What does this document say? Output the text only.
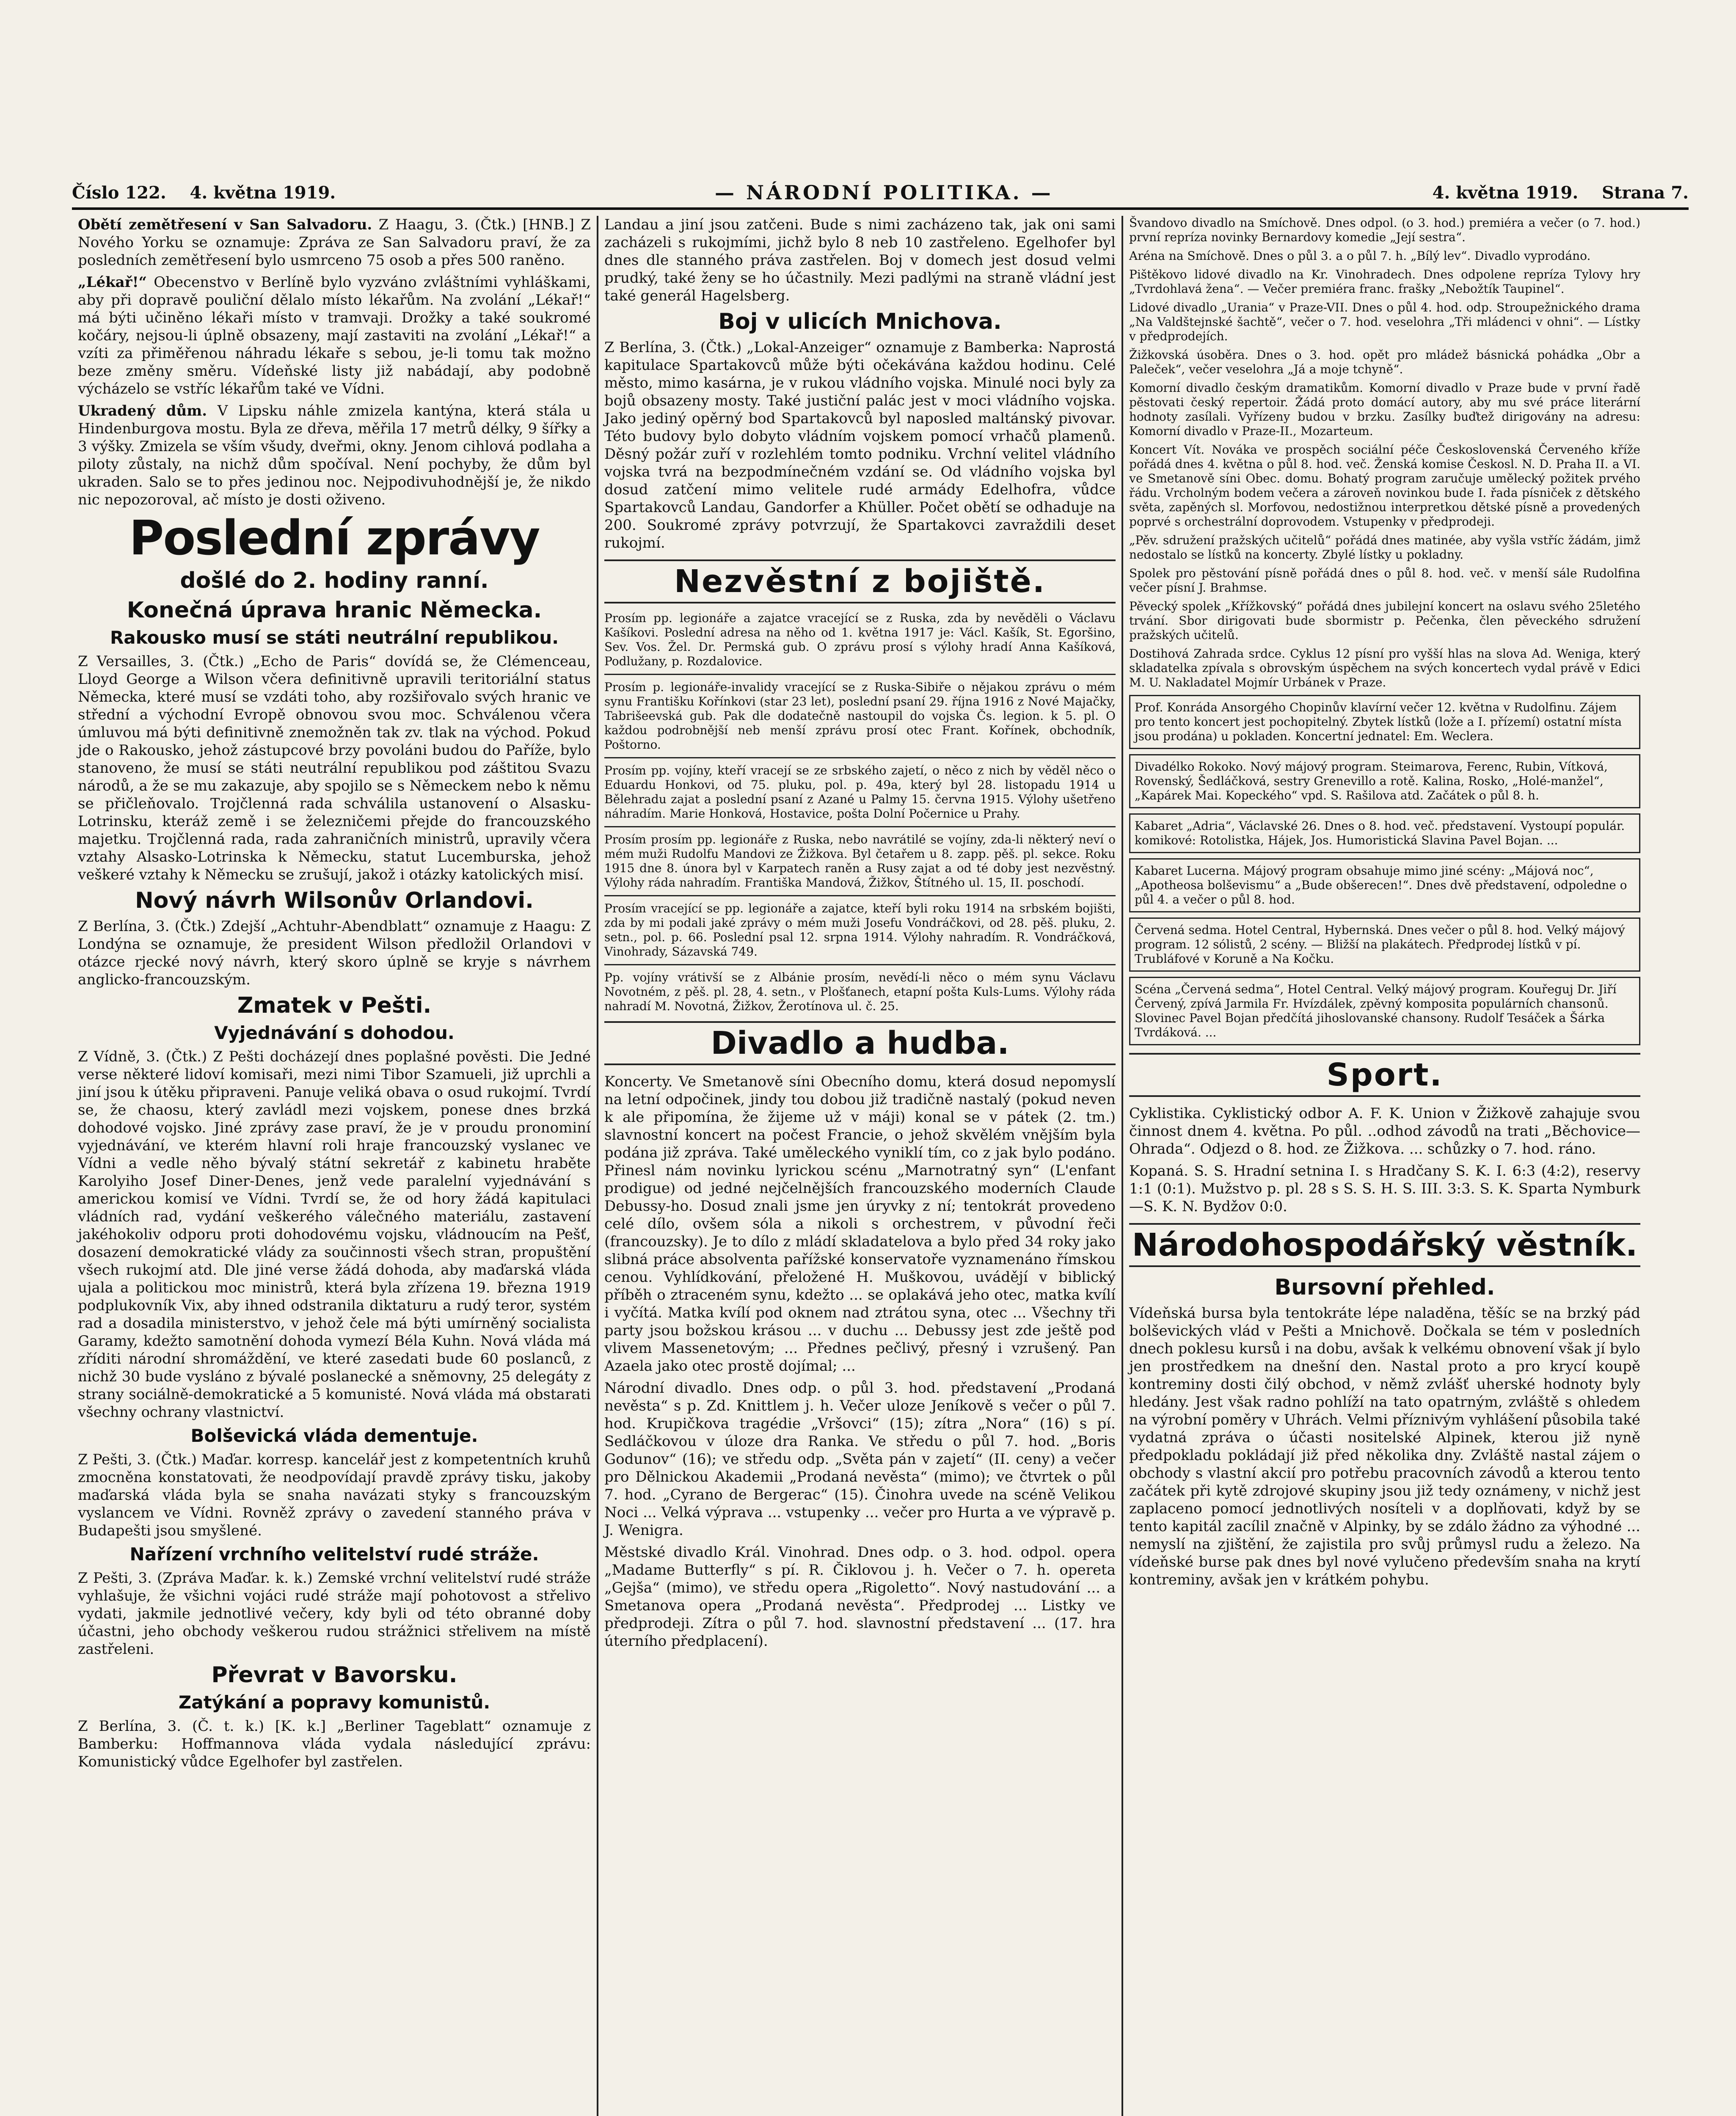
Číslo 122. 4. května 1919.	— NÁRODNÍ POLITIKA. —	4. května 1919. Strana 7.

Obětí zemětřesení v San Salvadoru. Z Haagu, 3. (Čtk.) [HNB.] Z Nového Yorku se oznamuje: Zpráva ze San Salvadoru praví, že za posledních zemětřesení bylo usmrceno 75 osob a přes 500 raněno.

„Lékař!“ Obecenstvo v Berlíně bylo vyzváno zvláštními vyhláškami, aby při dopravě pouliční dělalo místo lékařům. Na zvolání „Lékař!“ má býti učiněno lékaři místo v tramvaji. Drožky a také soukromé kočáry, nejsou-li úplně obsazeny, mají zastaviti na zvolání „Lékař!“ a vzíti za přiměřenou náhradu lékaře s sebou, je-li tomu tak možno beze změny směru. Vídeňské listy již nabádají, aby podobně výcházelo se vstříc lékařům také ve Vídni.

Ukradený dům. V Lipsku náhle zmizela kantýna, která stála u Hindenburgova mostu. Byla ze dřeva, měřila 17 metrů délky, 9 šířky a 3 výšky. Zmizela se vším všudy, dveřmi, okny. Jenom cihlová podlaha a piloty zůstaly, na nichž dům spočíval. Není pochyby, že dům byl ukraden. Salo se to přes jedinou noc. Nejpodivuhodnější je, že nikdo nic nepozoroval, ač místo je dosti oživeno.

Poslední zprávy
došlé do 2. hodiny ranní.
Konečná úprava hranic Německa.
Rakousko musí se státi neutrální republikou.

Z Versailles, 3. (Čtk.) „Echo de Paris“ dovídá se, že Clémenceau, Lloyd George a Wilson včera definitivně upravili teritoriální status Německa, které musí se vzdáti toho, aby rozšiřovalo svých hranic ve střední a východní Evropě obnovou svou moc. Schválenou včera úmluvou má býti definitivně znemožněn tak zv. tlak na východ. Pokud jde o Rakousko, jehož zástupcové brzy povoláni budou do Paříže, bylo stanoveno, že musí se státi neutrální republikou pod záštitou Svazu národů, a že se mu zakazuje, aby spojilo se s Německem nebo k němu se přičleňovalo. Trojčlenná rada schválila ustanovení o Alsasku-Lotrinsku, kteráž země i se železničemi přejde do francouzského majetku. Trojčlenná rada, rada zahraničních ministrů, upravily včera vztahy Alsasko-Lotrinska k Německu, statut Lucemburska, jehož veškeré vztahy k Německu se zrušují, jakož i otázky katolických misí.

Nový návrh Wilsonův Orlandovi.

Z Berlína, 3. (Čtk.) Zdejší „Achtuhr-Abendblatt“ oznamuje z Haagu: Z Londýna se oznamuje, že president Wilson předložil Orlandovi v otázce rjecké nový návrh, který skoro úplně se kryje s návrhem anglicko-francouzským.

Zmatek v Pešti.
Vyjednávání s dohodou.

Z Vídně, 3. (Čtk.) Z Pešti docházejí dnes poplašné pověsti. Die Jedné verse některé lidoví komisaři, mezi nimi Tibor Szamueli, již uprchli a jiní jsou k útěku připraveni. Panuje veliká obava o osud rukojmí. Tvrdí se, že chaosu, který zavládl mezi vojskem, ponese dnes brzká dohodové vojsko. Jiné zprávy zase praví, že je v proudu pronominí vyjednávání, ve kterém hlavní roli hraje francouzský vyslanec ve Vídni a vedle něho bývalý státní sekretář z kabinetu hraběte Karolyiho Josef Diner-Denes, jenž vede paralelní vyjednávání s americkou komisí ve Vídni. Tvrdí se, že od hory žádá kapitulaci vládních rad, vydání veškerého válečného materiálu, zastavení jakéhokoliv odporu proti dohodovému vojsku, vládnoucím na Pešť, dosazení demokratické vlády za součinnosti všech stran, propuštění všech rukojmí atd. Dle jiné verse žádá dohoda, aby maďarská vláda ujala a politickou moc ministrů, která byla zřízena 19. března 1919 podplukovník Vix, aby ihned odstranila diktaturu a rudý teror, systém rad a dosadila ministerstvo, v jehož čele má býti umírněný socialista Garamy, kdežto samotnění dohoda vymezí Béla Kuhn. Nová vláda má zříditi národní shromáždění, ve které zasedati bude 60 poslanců, z nichž 30 bude vysláno z bývalé poslanecké a sněmovny, 25 delegáty z strany sociálně-demokratické a 5 komunisté. Nová vláda má obstarati všechny ochrany vlastnictví.

Bolševická vláda dementuje.

Z Pešti, 3. (Čtk.) Maďar. korresp. kancelář jest z kompetentních kruhů zmocněna konstatovati, že neodpovídají pravdě zprávy tisku, jakoby maďarská vláda byla se snaha navázati styky s francouzským vyslancem ve Vídni. Rovněž zprávy o zavedení stanného práva v Budapešti jsou smyšlené.

Nařízení vrchního velitelství rudé stráže.

Z Pešti, 3. (Zpráva Maďar. k. k.) Zemské vrchní velitelství rudé stráže vyhlašuje, že všichni vojáci rudé stráže mají pohotovost a střelivo vydati, jakmile jednotlivé večery, kdy byli od této obranné doby účastni, jeho obchody veškerou rudou strážnici střelivem na místě zastřeleni.

Převrat v Bavorsku.
Zatýkání a popravy komunistů.

Z Berlína, 3. (Č. t. k.) [K. k.] „Berliner Tageblatt“ oznamuje z Bamberku: Hoffmannova vláda vydala následující zprávu: Komunistický vůdce Egelhofer byl zastřelen.

Landau a jiní jsou zatčeni. Bude s nimi zacházeno tak, jak oni sami zacházeli s rukojmími, jichž bylo 8 neb 10 zastřeleno. Egelhofer byl dnes dle stanného práva zastřelen. Boj v domech jest dosud velmi prudký, také ženy se ho účastnily. Mezi padlými na straně vládní jest také generál Hagelsberg.

Boj v ulicích Mnichova.

Z Berlína, 3. (Čtk.) „Lokal-Anzeiger“ oznamuje z Bamberka: Naprostá kapitulace Spartakovců může býti očekávána každou hodinu. Celé město, mimo kasárna, je v rukou vládního vojska. Minulé noci byly za bojů obsazeny mosty. Také justiční palác jest v moci vládního vojska. Jako jediný opěrný bod Spartakovců byl naposled maltánský pivovar. Této budovy bylo dobyto vládním vojskem pomocí vrhačů plamenů. Děsný požár zuří v rozlehlém tomto podniku. Vrchní velitel vládního vojska tvrá na bezpodmínečném vzdání se. Od vládního vojska byl dosud zatčení mimo velitele rudé armády Edelhofra, vůdce Spartakovců Landau, Gandorfer a Khüller. Počet obětí se odhaduje na 200. Soukromé zprávy potvrzují, že Spartakovci zavraždili deset rukojmí.

Nezvěstní z bojiště.

Prosím pp. legionáře a zajatce vracející se z Ruska, zda by nevěděli o Václavu Kašíkovi. Poslední adresa na něho od 1. května 1917 je: Václ. Kašík, St. Egoršino, Sev. Vos. Žel. Dr. Permská gub. O zprávu prosí s výlohy hradí Anna Kašíková, Podlužany, p. Rozdalovice.

Prosím p. legionáře-invalidy vracející se z Ruska-Sibiře o nějakou zprávu o mém synu Františku Kořínkovi (star 23 let), poslední psaní 29. října 1916 z Nové Majačky, Tabrišeevská gub. Pak dle dodatečně nastoupil do vojska Čs. legion. k 5. pl. O každou podrobnější neb menší zprávu prosí otec Frant. Kořínek, obchodník, Poštorno.

Prosím pp. vojíny, kteří vracejí se ze srbského zajetí, o něco z nich by věděl něco o Eduardu Honkovi, od 75. pluku, pol. p. 49a, který byl 28. listopadu 1914 u Bělehradu zajat a poslední psaní z Azané u Palmy 15. června 1915. Výlohy ušetřeno náhradím. Marie Honková, Hostavice, pošta Dolní Počernice u Prahy.

Prosím prosím pp. legionáře z Ruska, nebo navrátilé se vojíny, zda-li některý neví o mém muži Rudolfu Mandovi ze Žižkova. Byl četařem u 8. zapp. pěš. pl. sekce. Roku 1915 dne 8. února byl v Karpatech raněn a Rusy zajat a od té doby jest nezvěstný. Výlohy ráda nahradím. Františka Mandová, Žižkov, Štítného ul. 15, II. poschodí.

Prosím vracející se pp. legionáře a zajatce, kteří byli roku 1914 na srbském bojišti, zda by mi podali jaké zprávy o mém muži Josefu Vondráčkovi, od 28. pěš. pluku, 2. setn., pol. p. 66. Poslední psal 12. srpna 1914. Výlohy nahradím. R. Vondráčková, Vinohrady, Sázavská 749.

Pp. vojíny vrátivší se z Albánie prosím, nevědí-li něco o mém synu Václavu Novotném, z pěš. pl. 28, 4. setn., v Plošťanech, etapní pošta Kuls-Lums. Výlohy ráda nahradí M. Novotná, Žižkov, Žerotínova ul. č. 25.

Divadlo a hudba.

Koncerty. Ve Smetanově síni Obecního domu, která dosud nepomyslí na letní odpočinek, jindy tou dobou již tradičně nastalý (pokud neven k ale připomína, že žijeme už v máji) konal se v pátek (2. tm.) slavnostní koncert na počest Francie, o jehož skvělém vnějším byla podána již zpráva. Také uměleckého vyniklí tím, co z jak bylo podáno. Přinesl nám novinku lyrickou scénu „Marnotratný syn“ (L'enfant prodigue) od jedné nejčelnějších francouzského moderních Claude Debussy-ho. Dosud znali jsme jen úryvky z ní; tentokrát provedeno celé dílo, ovšem sóla a nikoli s orchestrem, v původní řeči (francouzsky). Je to dílo z mládí skladatelova a bylo před 34 roky jako slibná práce absolventa pařížské konservatoře vyznamenáno římskou cenou. Vyhlídkování, přeložené H. Muškovou, uvádějí v biblický příběh o ztraceném synu, kdežto ... se oplakává jeho otec, matka kvílí i vyčítá. Matka kvílí pod oknem nad ztrátou syna, otec ... Všechny tři party jsou božskou krásou ... v duchu ... Debussy jest zde ještě pod vlivem Massenetovým; ... Přednes pečlivý, přesný i vzrušený. Pan Azaela jako otec prostě dojímal; ...

Národní divadlo. Dnes odp. o půl 3. hod. představení „Prodaná nevěsta“ s p. Zd. Knittlem j. h. Večer uloze Jeníkově s večer o půl 7. hod. Krupičkova tragédie „Vršovci“ (15); zítra „Nora“ (16) s pí. Sedláčkovou v úloze dra Ranka. Ve středu o půl 7. hod. „Boris Godunov“ (16); ve středu odp. „Světa pán v zajetí“ (II. ceny) a večer pro Dělnickou Akademii „Prodaná nevěsta“ (mimo); ve čtvrtek o půl 7. hod. „Cyrano de Bergerac“ (15). Činohra uvede na scéně Velikou Noci ... Velká výprava ... vstupenky ... večer pro Hurta a ve výpravě p. J. Wenigra.

Městské divadlo Král. Vinohrad. Dnes odp. o 3. hod. odpol. opera „Madame Butterfly“ s pí. R. Čiklovou j. h. Večer o 7. h. opereta „Gejša“ (mimo), ve středu opera „Rigoletto“. Nový nastudování ... a Smetanova opera „Prodaná nevěsta“. Předprodej ... Listky ve předprodeji. Zítra o půl 7. hod. slavnostní představení ... (17. hra úterního předplacení).

Švandovo divadlo na Smíchově. Dnes odpol. (o 3. hod.) premiéra a večer (o 7. hod.) první repríza novinky Bernardovy komedie „Její sestra“.

Aréna na Smíchově. Dnes o půl 3. a o půl 7. h. „Bílý lev“. Divadlo vyprodáno.

Pištěkovo lidové divadlo na Kr. Vinohradech. Dnes odpolene repríza Tylovy hry „Tvrdohlavá žena“. — Večer premiéra franc. frašky „Nebožtík Taupinel“.

Lidové divadlo „Urania“ v Praze-VII. Dnes o půl 4. hod. odp. Stroupežnického drama „Na Valdštejnské šachtě“, večer o 7. hod. veselohra „Tři mládenci v ohni“. — Lístky v předprodejích.

Žižkovská úsoběra. Dnes o 3. hod. opět pro mládež básnická pohádka „Obr a Paleček“, večer veselohra „Já a moje tchyně“.

Komorní divadlo českým dramatikům. Komorní divadlo v Praze bude v první řadě pěstovati český repertoir. Žádá proto domácí autory, aby mu své práce literární hodnoty zasílali. Vyřízeny budou v brzku. Zasílky buďtež dirigovány na adresu: Komorní divadlo v Praze-II., Mozarteum.

Koncert Vít. Nováka ve prospěch sociální péče Československá Červeného kříže pořádá dnes 4. května o půl 8. hod. več. Ženská komise Českosl. N. D. Praha II. a VI. ve Smetanově síni Obec. domu. Bohatý program zaručuje umělecký požitek prvého řádu. Vrcholným bodem večera a zároveň novinkou bude I. řada písniček z dětského světa, zapěných sl. Morfovou, nedostižnou interpretkou dětské písně a provedených poprvé s orchestrální doprovodem. Vstupenky v předprodeji.

„Pěv. sdružení pražských učitelů“ pořádá dnes matinée, aby vyšla vstříc žádám, jimž nedostalo se lístků na koncerty. Zbylé lístky u pokladny.

Spolek pro pěstování písně pořádá dnes o půl 8. hod. več. v menší sále Rudolfina večer písní J. Brahmse.

Pěvecký spolek „Křížkovský“ pořádá dnes jubilejní koncert na oslavu svého 25letého trvání. Sbor dirigovati bude sbormistr p. Pečenka, člen pěveckého sdružení pražských učitelů.

Dostihová Zahrada srdce. Cyklus 12 písní pro vyšší hlas na slova Ad. Weniga, který skladatelka zpívala s obrovským úspěchem na svých koncertech vydal právě v Edici M. U. Nakladatel Mojmír Urbánek v Praze.

Prof. Konráda Ansorgého Chopinův klavírní večer 12. května v Rudolfinu. Zájem pro tento koncert jest pochopitelný. Zbytek lístků (lože a I. přízemí) ostatní místa jsou prodána) u pokladen. Koncertní jednatel: Em. Weclera.
Divadélko Rokoko. Nový májový program. Steimarova, Ferenc, Rubin, Vítková, Rovenský, Šedláčková, sestry Grenevillo a rotě. Kalina, Rosko, „Holé-manžel“, „Kapárek Mai. Kopeckého“ vpd. S. Rašilova atd. Začátek o půl 8. h.
Kabaret „Adria“, Václavské 26. Dnes o 8. hod. več. představení. Vystoupí populár. komikové: Rotolistka, Hájek, Jos. Humoristická Slavina Pavel Bojan. ...
Kabaret Lucerna. Májový program obsahuje mimo jiné scény: „Májová noc“, „Apotheosa bolševismu“ a „Bude obšerecen!“. Dnes dvě představení, odpoledne o půl 4. a večer o půl 8. hod.
Červená sedma. Hotel Central, Hybernská. Dnes večer o půl 8. hod. Velký májový program. 12 sólistů, 2 scény. — Bližší na plakátech. Předprodej lístků v pí. Trubláfové v Koruně a Na Kočku.
Scéna „Červená sedma“, Hotel Central. Velký májový program. Kouřeguj Dr. Jiří Červený, zpívá Jarmila Fr. Hvízdálek, zpěvný komposita populárních chansonů. Slovinec Pavel Bojan předčítá jihoslovanské chansony. Rudolf Tesáček a Šárka Tvrdáková. ...
Sport.

Cyklistika. Cyklistický odbor A. F. K. Union v Žižkově zahajuje svou činnost dnem 4. května. Po půl. ..odhod závodů na trati „Běchovice—Ohrada“. Odjezd o 8. hod. ze Žižkova. ... schůzky o 7. hod. ráno.

Kopaná. S. S. Hradní setnina I. s Hradčany S. K. I. 6:3 (4:2), reservy 1:1 (0:1). Mužstvo p. pl. 28 s S. S. H. S. III. 3:3. S. K. Sparta Nymburk—S. K. N. Bydžov 0:0.

Národohospodářský věstník.
Bursovní přehled.

Vídeňská bursa byla tentokráte lépe naladěna, těšíc se na brzký pád bolševických vlád v Pešti a Mnichově. Dočkala se tém v posledních dnech poklesu kursů i na dobu, avšak k velkému obnovení však jí bylo jen prostředkem na dnešní den. Nastal proto a pro krycí koupě kontreminy dosti čilý obchod, v němž zvlášť uherské hodnoty byly hledány. Jest však radno pohlíží na tato opatrným, zvláště s ohledem na výrobní poměry v Uhrách. Velmi příznivým vyhlášení působila také vydatná zpráva o účasti nositelské Alpinek, kterou již nyně předpokladu pokládají již před několika dny. Zvláště nastal zájem o obchody s vlastní akcií pro potřebu pracovních závodů a kterou tento začátek při kytě zdrojové skupiny jsou již tedy oznámeny, v nichž jest zaplaceno pomocí jednotlivých nosíteli v a doplňovati, když by se tento kapitál zacílil značně v Alpinky, by se zdálo žádno za výhodné ... nemyslí na zjištění, že zajistila pro svůj průmysl rudu a železo. Na vídeňské burse pak dnes byl nové vylučeno především snaha na krytí kontreminy, avšak jen v krátkém pohybu.
